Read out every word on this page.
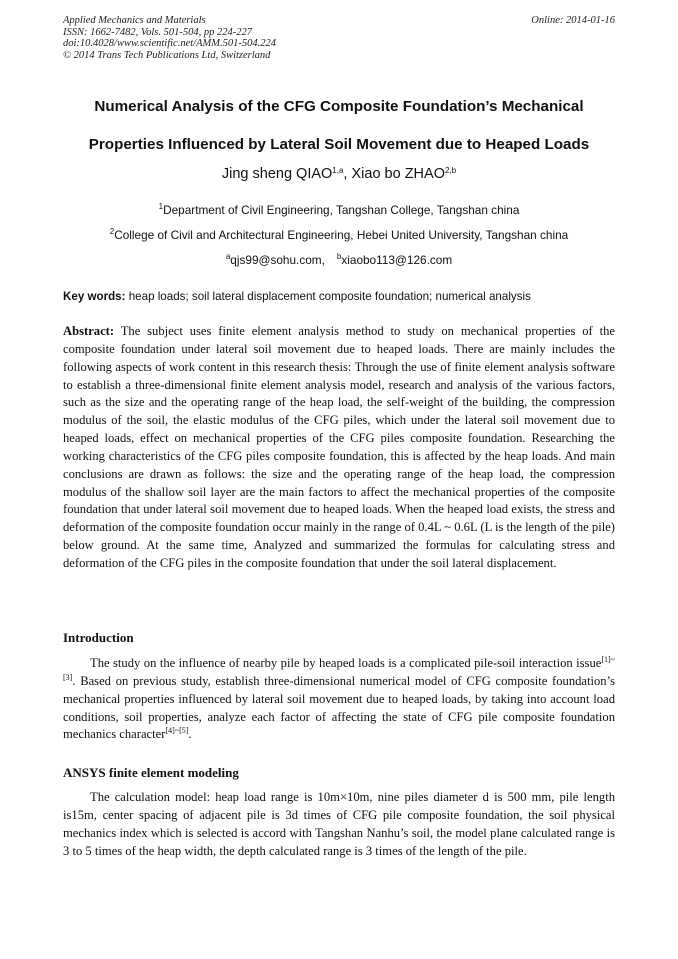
Applied Mechanics and Materials
ISSN: 1662-7482, Vols. 501-504, pp 224-227
doi:10.4028/www.scientific.net/AMM.501-504.224
© 2014 Trans Tech Publications Ltd, Switzerland
Online: 2014-01-16
Numerical Analysis of the CFG Composite Foundation’s Mechanical
Properties Influenced by Lateral Soil Movement due to Heaped Loads
Jing sheng QIAO$^{1,a}$, Xiao bo ZHAO$^{2,b}$
$^1$Department of Civil Engineering, Tangshan College, Tangshan china
$^2$College of Civil and Architectural Engineering, Hebei United University, Tangshan china
$^a$qjs99@sohu.com, $^b$xiaobo113@126.com
Key words: heap loads; soil lateral displacement composite foundation; numerical analysis
Abstract: The subject uses finite element analysis method to study on mechanical properties of the composite foundation under lateral soil movement due to heaped loads. There are mainly includes the following aspects of work content in this research thesis: Through the use of finite element analysis software to establish a three-dimensional finite element analysis model, research and analysis of the various factors, such as the size and the operating range of the heap load, the self-weight of the building, the compression modulus of the soil, the elastic modulus of the CFG piles, which under the lateral soil movement due to heaped loads, effect on mechanical properties of the CFG piles composite foundation. Researching the working characteristics of the CFG piles composite foundation, this is affected by the heap loads. And main conclusions are drawn as follows: the size and the operating range of the heap load, the compression modulus of the shallow soil layer are the main factors to affect the mechanical properties of the composite foundation that under lateral soil movement due to heaped loads. When the heaped load exists, the stress and deformation of the composite foundation occur mainly in the range of 0.4L ~ 0.6L (L is the length of the pile) below ground. At the same time, Analyzed and summarized the formulas for calculating stress and deformation of the CFG piles in the composite foundation that under the soil lateral displacement.
Introduction
The study on the influence of nearby pile by heaped loads is a complicated pile-soil interaction issue[1]~[3]. Based on previous study, establish three-dimensional numerical model of CFG composite foundation’s mechanical properties influenced by lateral soil movement due to heaped loads, by taking into account load conditions, soil properties, analyze each factor of affecting the state of CFG pile composite foundation mechanics character[4]~[5].
ANSYS finite element modeling
The calculation model: heap load range is 10m×10m, nine piles diameter d is 500 mm, pile length is15m, center spacing of adjacent pile is 3d times of CFG pile composite foundation, the soil physical mechanics index which is selected is accord with Tangshan Nanhu’s soil, the model plane calculated range is 3 to 5 times of the heap width, the depth calculated range is 3 times of the length of the pile.
